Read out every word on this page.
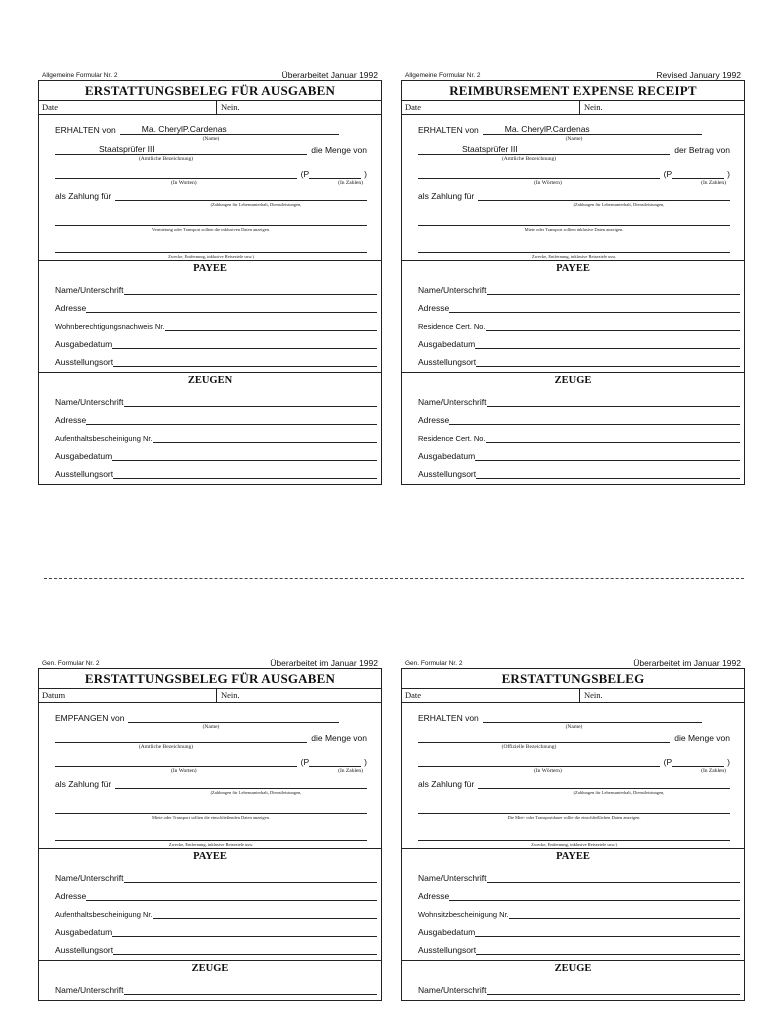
Allgemeine Formular Nr. 2	Überarbeitet Januar 1992
ERSTATTUNGSBELEG FÜR AUSGABEN
Date	Nein.
ERHALTEN von	Ma. CherylP.Cardenas
(Name)
Staatsprüfer III	die Menge von
(Amtliche Bezeichnung)
(P	)
(In Worten)	(In Zahlen)
als Zahlung für
(Zahlungen für Lebensunterhalt, Dienstleistungen,
Vermietung oder Transport sollten die inklusiven Daten anzeigen.
Zwecke, Entfernung, inklusive Reiseziele usw.)
PAYEE
Name/Unterschrift
Adresse
Wohnberechtigungsnachweis Nr.
Ausgabedatum
Ausstellungsort
ZEUGEN
Name/Unterschrift
Adresse
Aufenthaltsbescheinigung Nr.
Ausgabedatum
Ausstellungsort
Allgemeine Formular Nr. 2	Revised January 1992
REIMBURSEMENT EXPENSE RECEIPT
Date	Nein.
ERHALTEN von	Ma. CherylP.Cardenas
(Name)
Staatsprüfer III	der Betrag von
(Amtliche Bezeichnung)
(P	)
(In Wörtern)	(In Zahlen)
als Zahlung für
(Zahlungen für Lebensunterhalt, Dienstleistungen,
Miete oder Transport sollten inklusive Daten anzeigen.
Zwecke, Entfernung, inklusive Reiseziele usw.
PAYEE
Name/Unterschrift
Adresse
Residence Cert. No.
Ausgabedatum
Ausstellungsort
ZEUGE
Name/Unterschrift
Adresse
Residence Cert. No.
Ausgabedatum
Ausstellungsort
Gen. Formular Nr. 2	Überarbeitet im Januar 1992
ERSTATTUNGSBELEG FÜR AUSGABEN
Datum	Nein.
EMPFANGEN von
(Name)
die Menge von
(Amtliche Bezeichnung)
(P	)
(In Worten)	(In Zahlen)
als Zahlung für
(Zahlungen für Lebensunterhalt, Dienstleistungen,
Miete oder Transport sollten die einschließenden Daten anzeigen.
Zwecke, Entfernung, inklusive Reiseziele usw.
PAYEE
Name/Unterschrift
Adresse
Aufenthaltsbescheinigung Nr.
Ausgabedatum
Ausstellungsort
ZEUGE
Name/Unterschrift
Gen. Formular Nr. 2	Überarbeitet im Januar 1992
ERSTATTUNGSBELEG
Date	Nein.
ERHALTEN von
(Name)
die Menge von
(Offizielle Bezeichnung)
(P	)
(In Wörtern)	(In Zahlen)
als Zahlung für
(Zahlungen für Lebensunterhalt, Dienstleistungen,
Die Miet- oder Transportdauer sollte die einschließlichen Daten anzeigen.
Zwecke, Entfernung, inklusive Reiseziele usw.)
PAYEE
Name/Unterschrift
Adresse
Wohnsitzbescheinigung Nr.
Ausgabedatum
Ausstellungsort
ZEUGE
Name/Unterschrift
